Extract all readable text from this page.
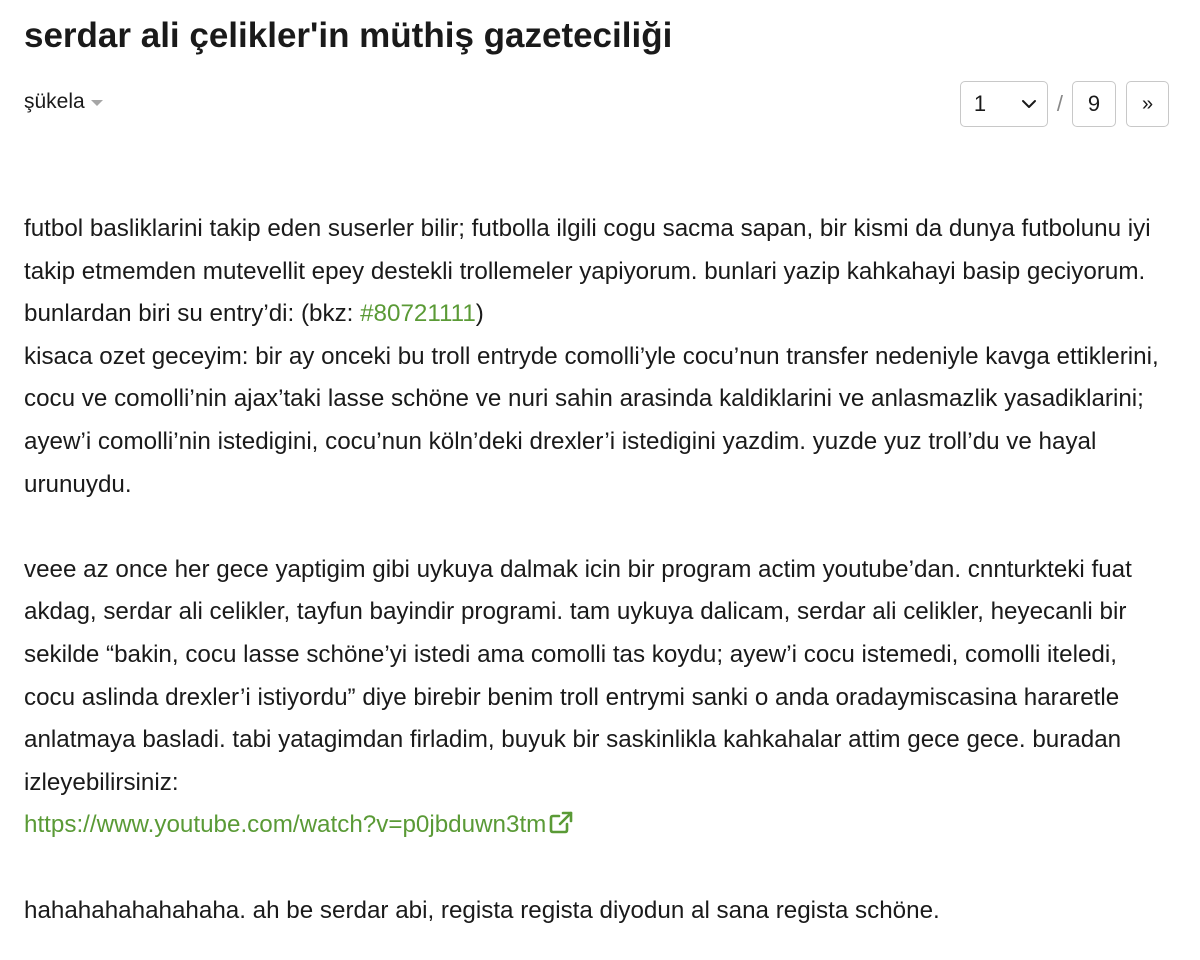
serdar ali çelikler'in müthiş gazeteciliği
şükela	1	/	9	»

futbol basliklarini takip eden suserler bilir; futbolla ilgili cogu sacma sapan, bir kismi da dunya futbolunu iyi takip etmemden mutevellit epey destekli trollemeler yapiyorum. bunlari yazip kahkahayi basip geciyorum. bunlardan biri su entry’di: (bkz: #80721111)

kisaca ozet geceyim: bir ay onceki bu troll entryde comolli’yle cocu’nun transfer nedeniyle kavga ettiklerini, cocu ve comolli’nin ajax’taki lasse schöne ve nuri sahin arasinda kaldiklarini ve anlasmazlik yasadiklarini; ayew’i comolli’nin istedigini, cocu’nun köln’deki drexler’i istedigini yazdim. yuzde yuz troll’du ve hayal urunuydu.

veee az once her gece yaptigim gibi uykuya dalmak icin bir program actim youtube’dan. cnnturkteki fuat akdag, serdar ali celikler, tayfun bayindir programi. tam uykuya dalicam, serdar ali celikler, heyecanli bir sekilde “bakin, cocu lasse schöne’yi istedi ama comolli tas koydu; ayew’i cocu istemedi, comolli iteledi, cocu aslinda drexler’i istiyordu” diye birebir benim troll entrymi sanki o anda oradaymiscasina hararetle anlatmaya basladi. tabi yatagimdan firladim, buyuk bir saskinlikla kahkahalar attim gece gece. buradan izleyebilirsiniz:
https://www.youtube.com/watch?v=p0jbduwn3tm

hahahahahahahaha. ah be serdar abi, regista regista diyodun al sana regista schöne.
